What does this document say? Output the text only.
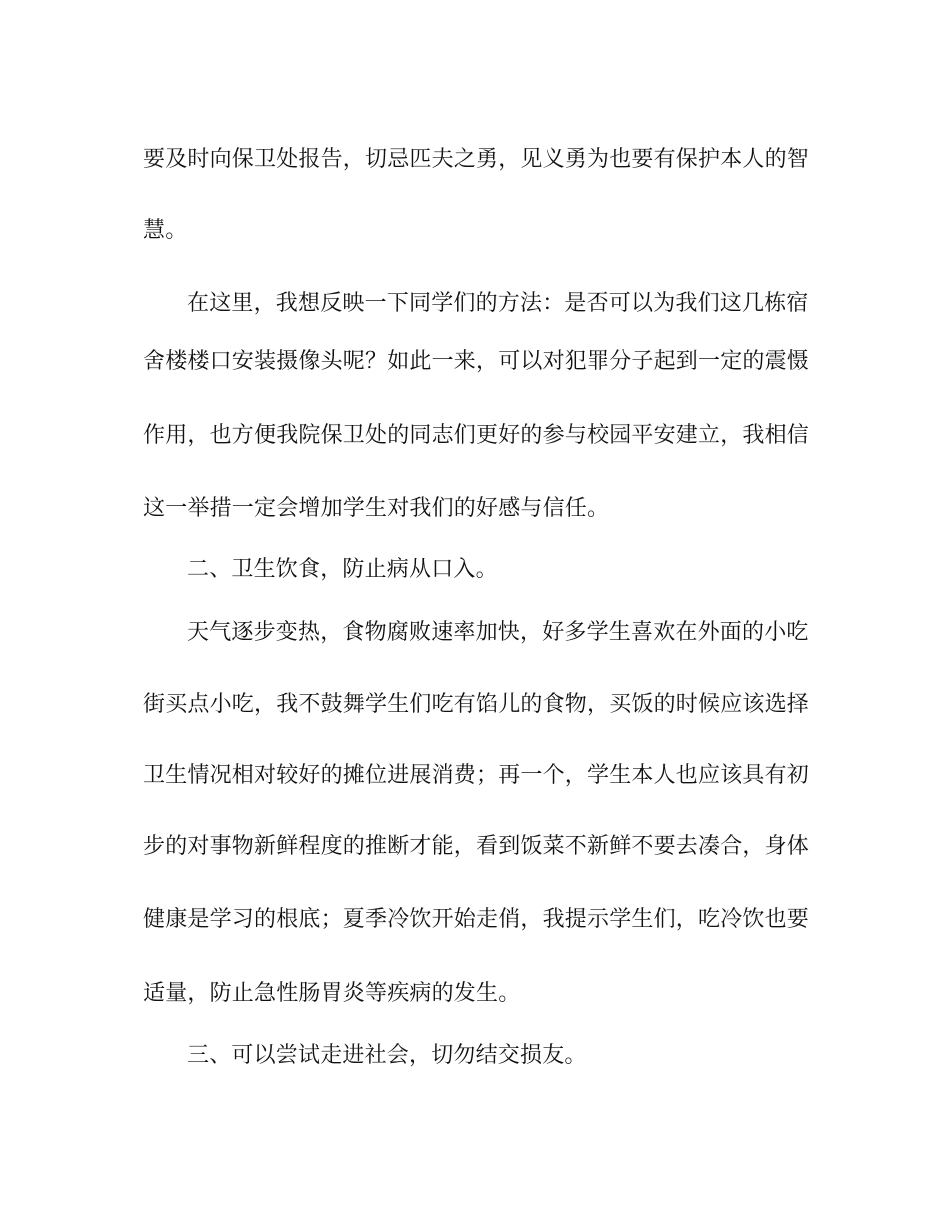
要及时向保卫处报告，切忌匹夫之勇，见义勇为也要有保护本人的智

慧。

在这里，我想反映一下同学们的方法：是否可以为我们这几栋宿

舍楼楼口安装摄像头呢？如此一来，可以对犯罪分子起到一定的震慑

作用，也方便我院保卫处的同志们更好的参与校园平安建立，我相信

这一举措一定会增加学生对我们的好感与信任。

二、卫生饮食，防止病从口入。

天气逐步变热，食物腐败速率加快，好多学生喜欢在外面的小吃

街买点小吃，我不鼓舞学生们吃有馅儿的食物，买饭的时候应该选择

卫生情况相对较好的摊位进展消费；再一个，学生本人也应该具有初

步的对事物新鲜程度的推断才能，看到饭菜不新鲜不要去凑合，身体

健康是学习的根底；夏季冷饮开始走俏，我提示学生们，吃冷饮也要

适量，防止急性肠胃炎等疾病的发生。

三、可以尝试走进社会，切勿结交损友。
